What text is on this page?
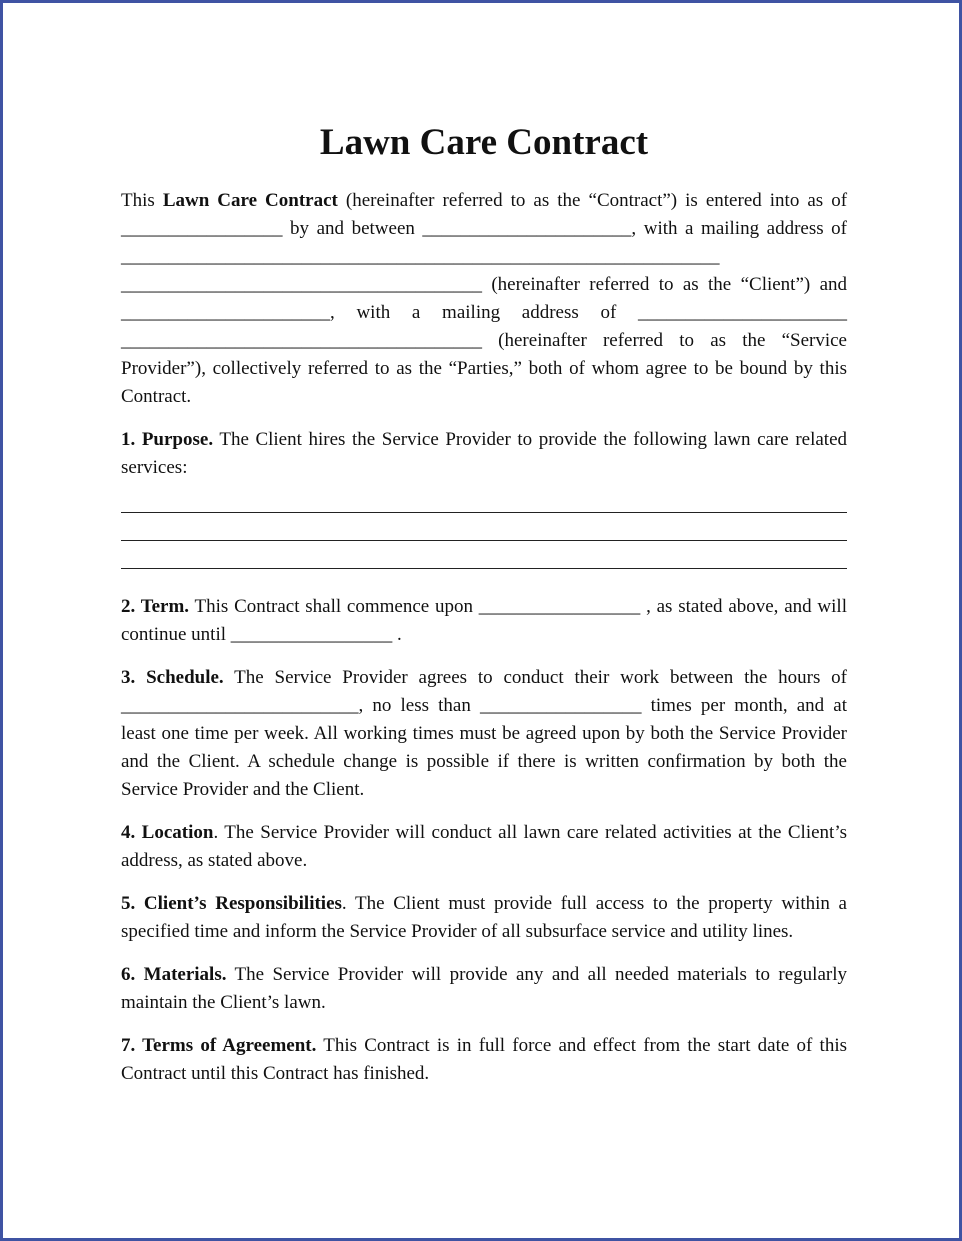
Lawn Care Contract

This Lawn Care Contract (hereinafter referred to as the “Contract”) is entered into as of _________________ by and between ______________________, with a mailing address of _______________________________________________________________ ______________________________________ (hereinafter referred to as the “Client”) and ______________________, with a mailing address of ______________________ ______________________________________ (hereinafter referred to as the “Service Provider”), collectively referred to as the “Parties,” both of whom agree to be bound by this Contract.

1. Purpose. The Client hires the Service Provider to provide the following lawn care related services:

2. Term. This Contract shall commence upon _________________ , as stated above, and will continue until _________________ .

3. Schedule. The Service Provider agrees to conduct their work between the hours of _________________________, no less than _________________ times per month, and at least one time per week. All working times must be agreed upon by both the Service Provider and the Client. A schedule change is possible if there is written confirmation by both the Service Provider and the Client.

4. Location. The Service Provider will conduct all lawn care related activities at the Client’s address, as stated above.

5. Client’s Responsibilities. The Client must provide full access to the property within a specified time and inform the Service Provider of all subsurface service and utility lines.

6. Materials. The Service Provider will provide any and all needed materials to regularly maintain the Client’s lawn.

7. Terms of Agreement. This Contract is in full force and effect from the start date of this Contract until this Contract has finished.
